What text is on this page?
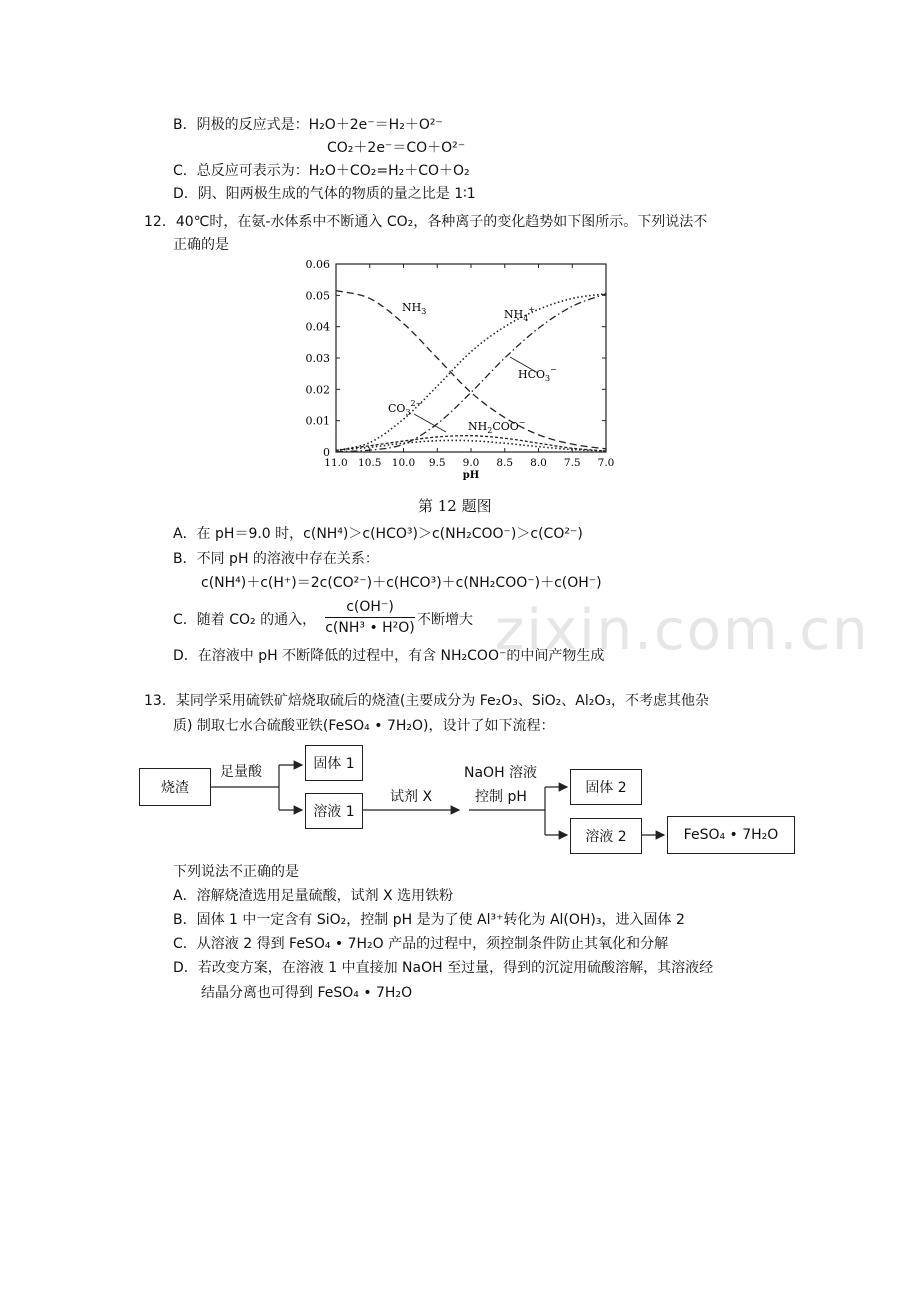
B．阴极的反应式是：H₂O＋2e⁻＝H₂＋O²⁻
CO₂＋2e⁻＝CO＋O²⁻
C．总反应可表示为：H₂O＋CO₂=H₂＋CO＋O₂
D．阴、阳两极生成的气体的物质的量之比是 1∶1
12．40℃时，在氨-水体系中不断通入 CO₂，各种离子的变化趋势如下图所示。下列说法不
正确的是
0
0.01
0.02
0.03
0.04
0.05
0.06
11.0 10.5 10.0 9.5 9.0 8.5 8.0 7.5 7.0
pH
$NH_3$	$NH_4^+$
$HCO_3^-$
$CO_3^{2-}$
$NH_2COO^-$
第 12 题图
A．在 pH＝9.0 时，c(NH⁴)＞c(HCO³)＞c(NH₂COO⁻)＞c(CO²⁻)
B．不同 pH 的溶液中存在关系：
c(NH⁴)＋c(H⁺)＝2c(CO²⁻)＋c(HCO³)＋c(NH₂COO⁻)＋c(OH⁻)
C．随着 CO₂ 的通入，
c(OH⁻)
c(NH³ • H²O) 不断增大
D．在溶液中 pH 不断降低的过程中，有含 NH₂COO⁻的中间产物生成
zixin.com.cn
13．某同学采用硫铁矿焙烧取硫后的烧渣(主要成分为 Fe₂O₃、SiO₂、Al₂O₃，不考虑其他杂
质) 制取七水合硫酸亚铁(FeSO₄ • 7H₂O)，设计了如下流程：
烧渣
足量酸	固体 1
溶液 1
试剂 X
NaOH 溶液
控制 pH
固体 2
溶液 2	FeSO₄ • 7H₂O
下列说法不正确的是
A．溶解烧渣选用足量硫酸，试剂 X 选用铁粉
B．固体 1 中一定含有 SiO₂，控制 pH 是为了使 Al³⁺转化为 Al(OH)₃，进入固体 2
C．从溶液 2 得到 FeSO₄ • 7H₂O 产品的过程中，须控制条件防止其氧化和分解
D．若改变方案，在溶液 1 中直接加 NaOH 至过量，得到的沉淀用硫酸溶解，其溶液经
结晶分离也可得到 FeSO₄ • 7H₂O
